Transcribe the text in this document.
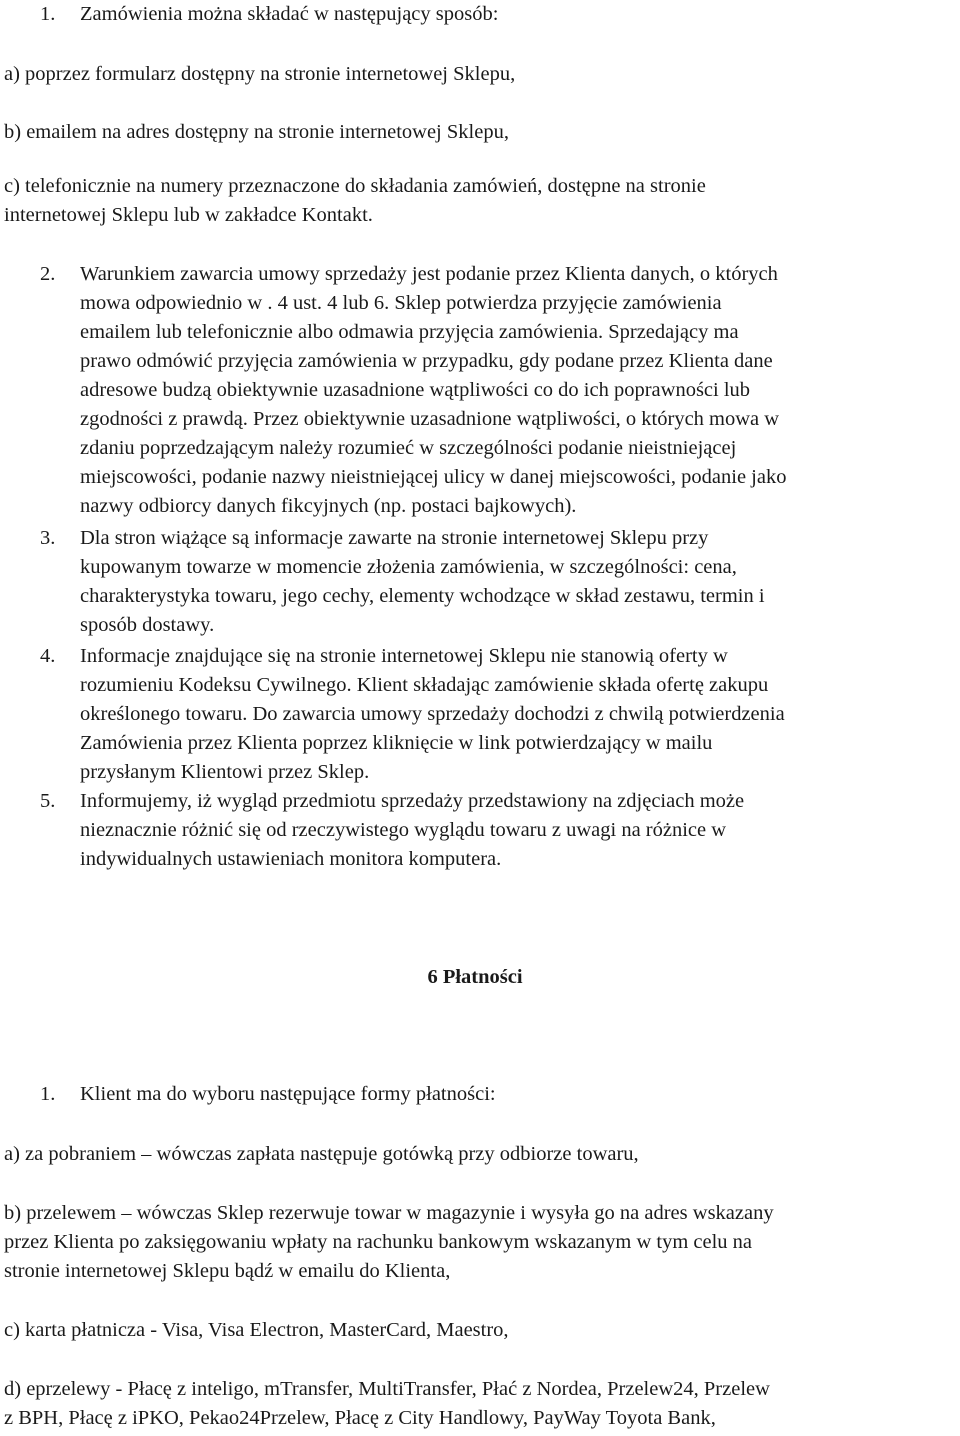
1. Zamówienia można składać w następujący sposób:
a) poprzez formularz dostępny na stronie internetowej Sklepu,
b) emailem na adres dostępny na stronie internetowej Sklepu,
c) telefonicznie na numery przeznaczone do składania zamówień, dostępne na stronie
internetowej Sklepu lub w zakładce Kontakt.
2. Warunkiem zawarcia umowy sprzedaży jest podanie przez Klienta danych, o których
mowa odpowiednio w . 4 ust. 4 lub 6. Sklep potwierdza przyjęcie zamówienia
emailem lub telefonicznie albo odmawia przyjęcia zamówienia. Sprzedający ma
prawo odmówić przyjęcia zamówienia w przypadku, gdy podane przez Klienta dane
adresowe budzą obiektywnie uzasadnione wątpliwości co do ich poprawności lub
zgodności z prawdą. Przez obiektywnie uzasadnione wątpliwości, o których mowa w
zdaniu poprzedzającym należy rozumieć w szczególności podanie nieistniejącej
miejscowości, podanie nazwy nieistniejącej ulicy w danej miejscowości, podanie jako
nazwy odbiorcy danych fikcyjnych (np. postaci bajkowych).
3. Dla stron wiążące są informacje zawarte na stronie internetowej Sklepu przy
kupowanym towarze w momencie złożenia zamówienia, w szczególności: cena,
charakterystyka towaru, jego cechy, elementy wchodzące w skład zestawu, termin i
sposób dostawy.
4. Informacje znajdujące się na stronie internetowej Sklepu nie stanowią oferty w
rozumieniu Kodeksu Cywilnego. Klient składając zamówienie składa ofertę zakupu
określonego towaru. Do zawarcia umowy sprzedaży dochodzi z chwilą potwierdzenia
Zamówienia przez Klienta poprzez kliknięcie w link potwierdzający w mailu
przysłanym Klientowi przez Sklep.
5. Informujemy, iż wygląd przedmiotu sprzedaży przedstawiony na zdjęciach może
nieznacznie różnić się od rzeczywistego wyglądu towaru z uwagi na różnice w
indywidualnych ustawieniach monitora komputera.
6 Płatności
1. Klient ma do wyboru następujące formy płatności:
a) za pobraniem – wówczas zapłata następuje gotówką przy odbiorze towaru,
b) przelewem – wówczas Sklep rezerwuje towar w magazynie i wysyła go na adres wskazany
przez Klienta po zaksięgowaniu wpłaty na rachunku bankowym wskazanym w tym celu na
stronie internetowej Sklepu bądź w emailu do Klienta,
c) karta płatnicza - Visa, Visa Electron, MasterCard, Maestro,
d) eprzelewy - Płacę z inteligo, mTransfer, MultiTransfer, Płać z Nordea, Przelew24, Przelew
z BPH, Płacę z iPKO, Pekao24Przelew, Płacę z City Handlowy, PayWay Toyota Bank,
